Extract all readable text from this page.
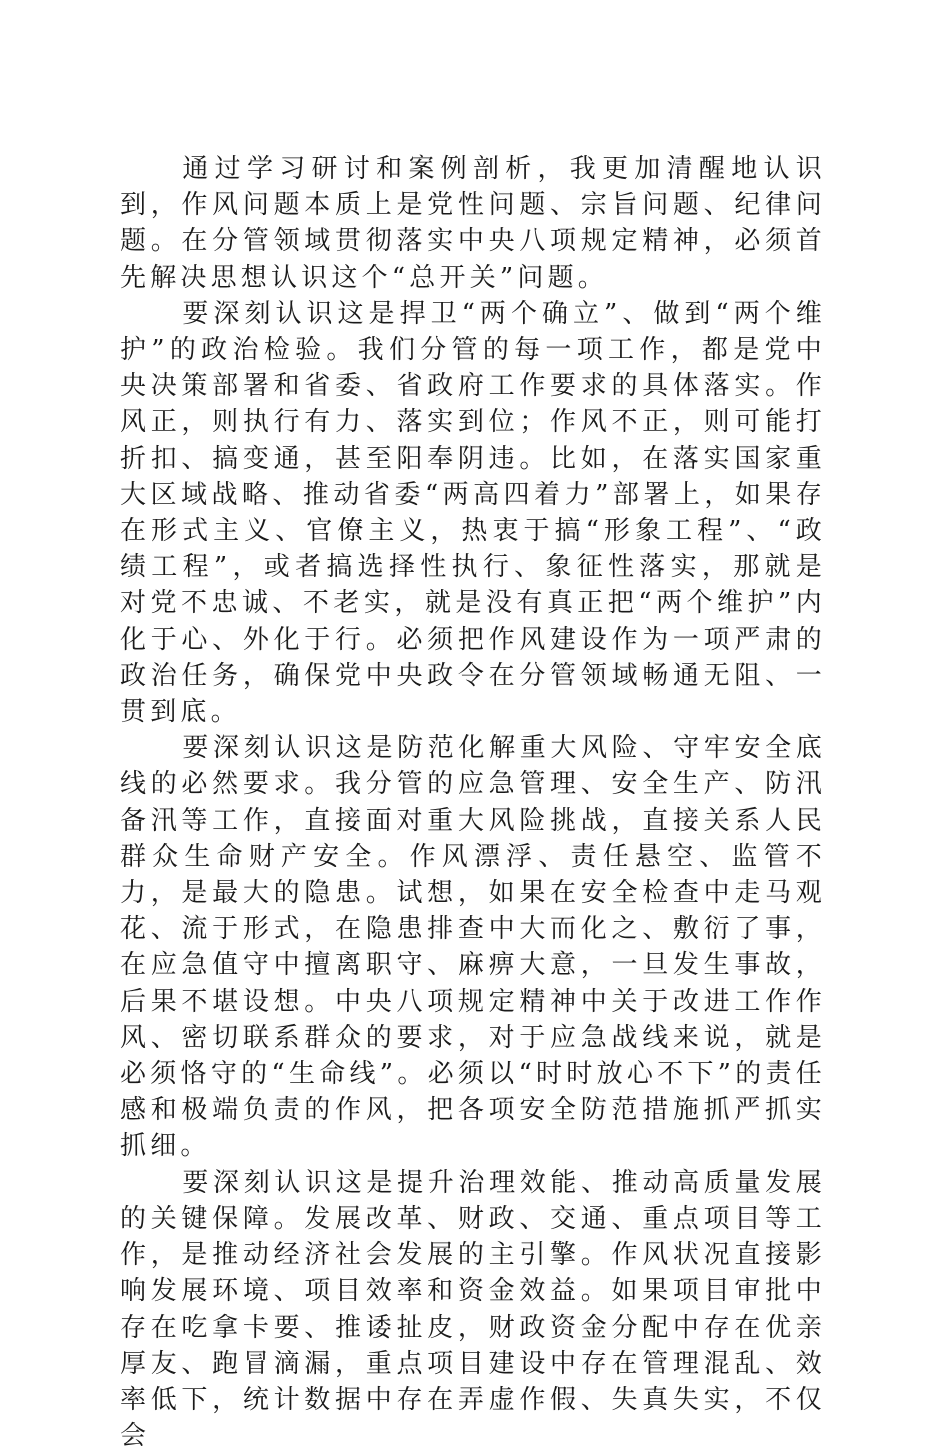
通过学习研讨和案例剖析，我更加清醒地认识到，作风问题本质上是党性问题、宗旨问题、纪律问题。在分管领域贯彻落实中央八项规定精神，必须首先解决思想认识这个“总开关”问题。

要深刻认识这是捍卫“两个确立”、做到“两个维护”的政治检验。我们分管的每一项工作，都是党中央决策部署和省委、省政府工作要求的具体落实。作风正，则执行有力、落实到位；作风不正，则可能打折扣、搞变通，甚至阳奉阴违。比如，在落实国家重大区域战略、推动省委“两高四着力”部署上，如果存在形式主义、官僚主义，热衷于搞“形象工程”、“政绩工程”，或者搞选择性执行、象征性落实，那就是对党不忠诚、不老实，就是没有真正把“两个维护”内化于心、外化于行。必须把作风建设作为一项严肃的政治任务，确保党中央政令在分管领域畅通无阻、一贯到底。

要深刻认识这是防范化解重大风险、守牢安全底线的必然要求。我分管的应急管理、安全生产、防汛备汛等工作，直接面对重大风险挑战，直接关系人民群众生命财产安全。作风漂浮、责任悬空、监管不力，是最大的隐患。试想，如果在安全检查中走马观花、流于形式，在隐患排查中大而化之、敷衍了事，在应急值守中擅离职守、麻痹大意，一旦发生事故，后果不堪设想。中央八项规定精神中关于改进工作作风、密切联系群众的要求，对于应急战线来说，就是必须恪守的“生命线”。必须以“时时放心不下”的责任感和极端负责的作风，把各项安全防范措施抓严抓实抓细。

要深刻认识这是提升治理效能、推动高质量发展的关键保障。发展改革、财政、交通、重点项目等工作，是推动经济社会发展的主引擎。作风状况直接影响发展环境、项目效率和资金效益。如果项目审批中存在吃拿卡要、推诿扯皮，财政资金分配中存在优亲厚友、跑冒滴漏，重点项目建设中存在管理混乱、效率低下，统计数据中存在弄虚作假、失真失实，不仅会
